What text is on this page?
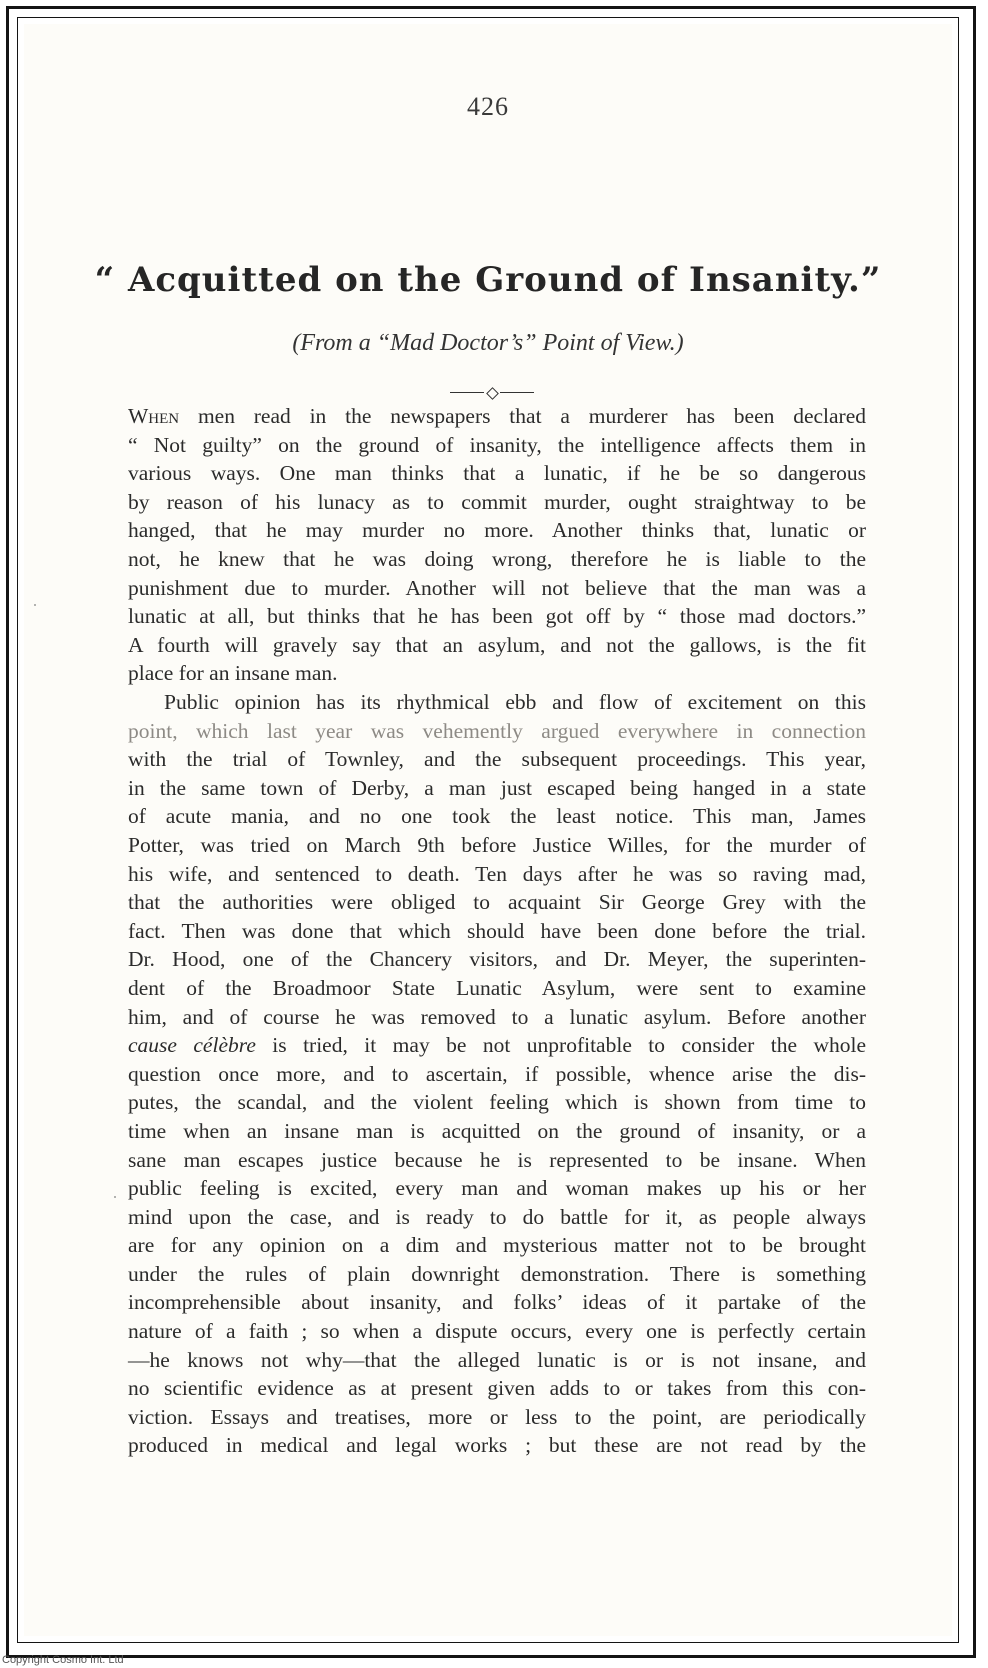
426
“ Acquitted on the Ground of Insanity.”
(From a “Mad Doctor’s” Point of View.)
When men read in the newspapers that a murderer has been declared
“ Not guilty” on the ground of insanity, the intelligence affects them in
various ways. One man thinks that a lunatic, if he be so dangerous
by reason of his lunacy as to commit murder, ought straightway to be
hanged, that he may murder no more. Another thinks that, lunatic or
not, he knew that he was doing wrong, therefore he is liable to the
punishment due to murder. Another will not believe that the man was a
lunatic at all, but thinks that he has been got off by “ those mad doctors.”
A fourth will gravely say that an asylum, and not the gallows, is the fit
place for an insane man.
Public opinion has its rhythmical ebb and flow of excitement on this
point, which last year was vehemently argued everywhere in connection
with the trial of Townley, and the subsequent proceedings. This year,
in the same town of Derby, a man just escaped being hanged in a state
of acute mania, and no one took the least notice. This man, James
Potter, was tried on March 9th before Justice Willes, for the murder of
his wife, and sentenced to death. Ten days after he was so raving mad,
that the authorities were obliged to acquaint Sir George Grey with the
fact. Then was done that which should have been done before the trial.
Dr. Hood, one of the Chancery visitors, and Dr. Meyer, the superinten-
dent of the Broadmoor State Lunatic Asylum, were sent to examine
him, and of course he was removed to a lunatic asylum. Before another
cause célèbre is tried, it may be not unprofitable to consider the whole
question once more, and to ascertain, if possible, whence arise the dis-
putes, the scandal, and the violent feeling which is shown from time to
time when an insane man is acquitted on the ground of insanity, or a
sane man escapes justice because he is represented to be insane. When
public feeling is excited, every man and woman makes up his or her
mind upon the case, and is ready to do battle for it, as people always
are for any opinion on a dim and mysterious matter not to be brought
under the rules of plain downright demonstration. There is something
incomprehensible about insanity, and folks’ ideas of it partake of the
nature of a faith ; so when a dispute occurs, every one is perfectly certain
—he knows not why—that the alleged lunatic is or is not insane, and
no scientific evidence as at present given adds to or takes from this con-
viction. Essays and treatises, more or less to the point, are periodically
produced in medical and legal works ; but these are not read by the
Copyright Cosmo Int. Ltd
